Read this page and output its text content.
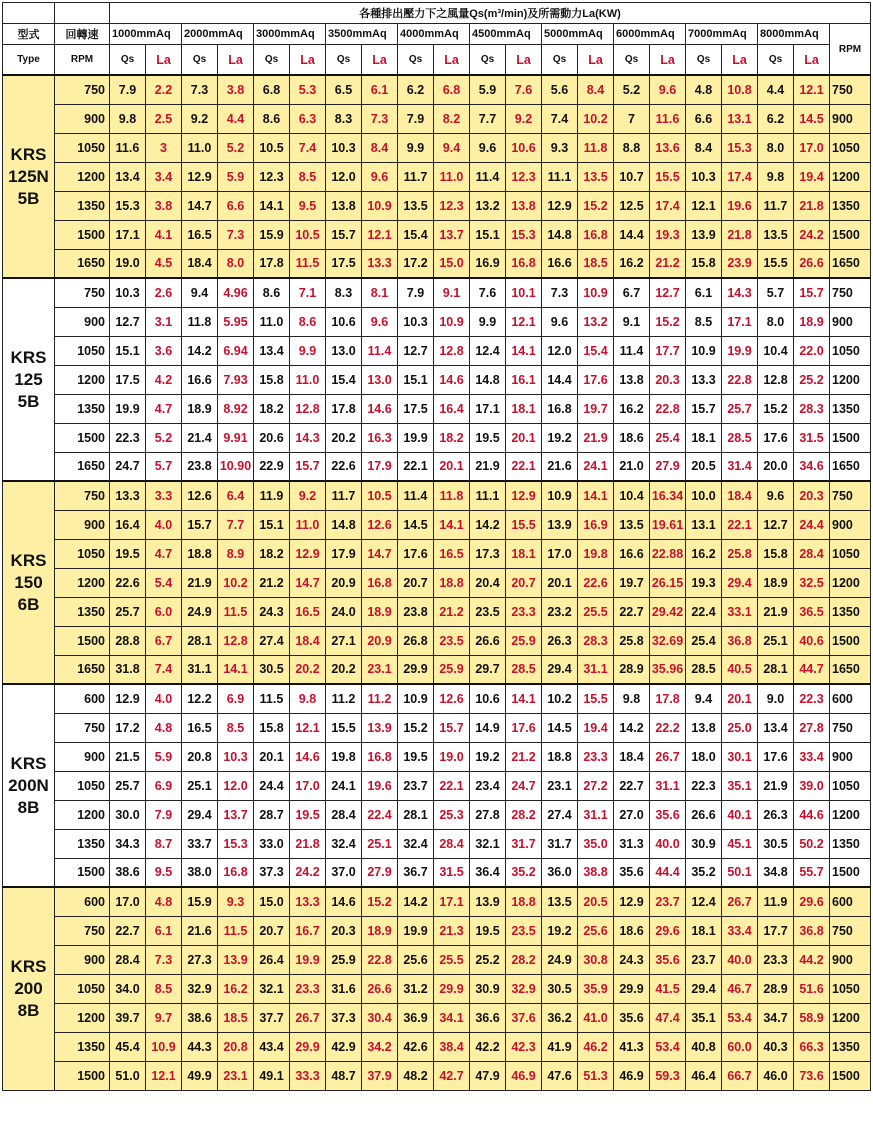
		各種排出壓力下之風量Qs(m³/min)及所需動力La(KW)																				
型式	回轉速	1000mmAq		2000mmAq		3000mmAq		3500mmAq		4000mmAq		4500mmAq		5000mmAq		6000mmAq		7000mmAq		8000mmAq		RPM
Type	RPM	Qs	La	Qs	La	Qs	La	Qs	La	Qs	La	Qs	La	Qs	La	Qs	La	Qs	La	Qs	La	
KRS
125N
5B	750	7.9	2.2	7.3	3.8	6.8	5.3	6.5	6.1	6.2	6.8	5.9	7.6	5.6	8.4	5.2	9.6	4.8	10.8	4.4	12.1	750
	900	9.8	2.5	9.2	4.4	8.6	6.3	8.3	7.3	7.9	8.2	7.7	9.2	7.4	10.2	7	11.6	6.6	13.1	6.2	14.5	900
	1050	11.6	3	11.0	5.2	10.5	7.4	10.3	8.4	9.9	9.4	9.6	10.6	9.3	11.8	8.8	13.6	8.4	15.3	8.0	17.0	1050
	1200	13.4	3.4	12.9	5.9	12.3	8.5	12.0	9.6	11.7	11.0	11.4	12.3	11.1	13.5	10.7	15.5	10.3	17.4	9.8	19.4	1200
	1350	15.3	3.8	14.7	6.6	14.1	9.5	13.8	10.9	13.5	12.3	13.2	13.8	12.9	15.2	12.5	17.4	12.1	19.6	11.7	21.8	1350
	1500	17.1	4.1	16.5	7.3	15.9	10.5	15.7	12.1	15.4	13.7	15.1	15.3	14.8	16.8	14.4	19.3	13.9	21.8	13.5	24.2	1500
	1650	19.0	4.5	18.4	8.0	17.8	11.5	17.5	13.3	17.2	15.0	16.9	16.8	16.6	18.5	16.2	21.2	15.8	23.9	15.5	26.6	1650
KRS
125
5B	750	10.3	2.6	9.4	4.96	8.6	7.1	8.3	8.1	7.9	9.1	7.6	10.1	7.3	10.9	6.7	12.7	6.1	14.3	5.7	15.7	750
	900	12.7	3.1	11.8	5.95	11.0	8.6	10.6	9.6	10.3	10.9	9.9	12.1	9.6	13.2	9.1	15.2	8.5	17.1	8.0	18.9	900
	1050	15.1	3.6	14.2	6.94	13.4	9.9	13.0	11.4	12.7	12.8	12.4	14.1	12.0	15.4	11.4	17.7	10.9	19.9	10.4	22.0	1050
	1200	17.5	4.2	16.6	7.93	15.8	11.0	15.4	13.0	15.1	14.6	14.8	16.1	14.4	17.6	13.8	20.3	13.3	22.8	12.8	25.2	1200
	1350	19.9	4.7	18.9	8.92	18.2	12.8	17.8	14.6	17.5	16.4	17.1	18.1	16.8	19.7	16.2	22.8	15.7	25.7	15.2	28.3	1350
	1500	22.3	5.2	21.4	9.91	20.6	14.3	20.2	16.3	19.9	18.2	19.5	20.1	19.2	21.9	18.6	25.4	18.1	28.5	17.6	31.5	1500
	1650	24.7	5.7	23.8	10.90	22.9	15.7	22.6	17.9	22.1	20.1	21.9	22.1	21.6	24.1	21.0	27.9	20.5	31.4	20.0	34.6	1650
KRS
150
6B	750	13.3	3.3	12.6	6.4	11.9	9.2	11.7	10.5	11.4	11.8	11.1	12.9	10.9	14.1	10.4	16.34	10.0	18.4	9.6	20.3	750
	900	16.4	4.0	15.7	7.7	15.1	11.0	14.8	12.6	14.5	14.1	14.2	15.5	13.9	16.9	13.5	19.61	13.1	22.1	12.7	24.4	900
	1050	19.5	4.7	18.8	8.9	18.2	12.9	17.9	14.7	17.6	16.5	17.3	18.1	17.0	19.8	16.6	22.88	16.2	25.8	15.8	28.4	1050
	1200	22.6	5.4	21.9	10.2	21.2	14.7	20.9	16.8	20.7	18.8	20.4	20.7	20.1	22.6	19.7	26.15	19.3	29.4	18.9	32.5	1200
	1350	25.7	6.0	24.9	11.5	24.3	16.5	24.0	18.9	23.8	21.2	23.5	23.3	23.2	25.5	22.7	29.42	22.4	33.1	21.9	36.5	1350
	1500	28.8	6.7	28.1	12.8	27.4	18.4	27.1	20.9	26.8	23.5	26.6	25.9	26.3	28.3	25.8	32.69	25.4	36.8	25.1	40.6	1500
	1650	31.8	7.4	31.1	14.1	30.5	20.2	20.2	23.1	29.9	25.9	29.7	28.5	29.4	31.1	28.9	35.96	28.5	40.5	28.1	44.7	1650
KRS
200N
8B	600	12.9	4.0	12.2	6.9	11.5	9.8	11.2	11.2	10.9	12.6	10.6	14.1	10.2	15.5	9.8	17.8	9.4	20.1	9.0	22.3	600
	750	17.2	4.8	16.5	8.5	15.8	12.1	15.5	13.9	15.2	15.7	14.9	17.6	14.5	19.4	14.2	22.2	13.8	25.0	13.4	27.8	750
	900	21.5	5.9	20.8	10.3	20.1	14.6	19.8	16.8	19.5	19.0	19.2	21.2	18.8	23.3	18.4	26.7	18.0	30.1	17.6	33.4	900
	1050	25.7	6.9	25.1	12.0	24.4	17.0	24.1	19.6	23.7	22.1	23.4	24.7	23.1	27.2	22.7	31.1	22.3	35.1	21.9	39.0	1050
	1200	30.0	7.9	29.4	13.7	28.7	19.5	28.4	22.4	28.1	25.3	27.8	28.2	27.4	31.1	27.0	35.6	26.6	40.1	26.3	44.6	1200
	1350	34.3	8.7	33.7	15.3	33.0	21.8	32.4	25.1	32.4	28.4	32.1	31.7	31.7	35.0	31.3	40.0	30.9	45.1	30.5	50.2	1350
	1500	38.6	9.5	38.0	16.8	37.3	24.2	37.0	27.9	36.7	31.5	36.4	35.2	36.0	38.8	35.6	44.4	35.2	50.1	34.8	55.7	1500
KRS
200
8B	600	17.0	4.8	15.9	9.3	15.0	13.3	14.6	15.2	14.2	17.1	13.9	18.8	13.5	20.5	12.9	23.7	12.4	26.7	11.9	29.6	600
	750	22.7	6.1	21.6	11.5	20.7	16.7	20.3	18.9	19.9	21.3	19.5	23.5	19.2	25.6	18.6	29.6	18.1	33.4	17.7	36.8	750
	900	28.4	7.3	27.3	13.9	26.4	19.9	25.9	22.8	25.6	25.5	25.2	28.2	24.9	30.8	24.3	35.6	23.7	40.0	23.3	44.2	900
	1050	34.0	8.5	32.9	16.2	32.1	23.3	31.6	26.6	31.2	29.9	30.9	32.9	30.5	35.9	29.9	41.5	29.4	46.7	28.9	51.6	1050
	1200	39.7	9.7	38.6	18.5	37.7	26.7	37.3	30.4	36.9	34.1	36.6	37.6	36.2	41.0	35.6	47.4	35.1	53.4	34.7	58.9	1200
	1350	45.4	10.9	44.3	20.8	43.4	29.9	42.9	34.2	42.6	38.4	42.2	42.3	41.9	46.2	41.3	53.4	40.8	60.0	40.3	66.3	1350
	1500	51.0	12.1	49.9	23.1	49.1	33.3	48.7	37.9	48.2	42.7	47.9	46.9	47.6	51.3	46.9	59.3	46.4	66.7	46.0	73.6	1500
